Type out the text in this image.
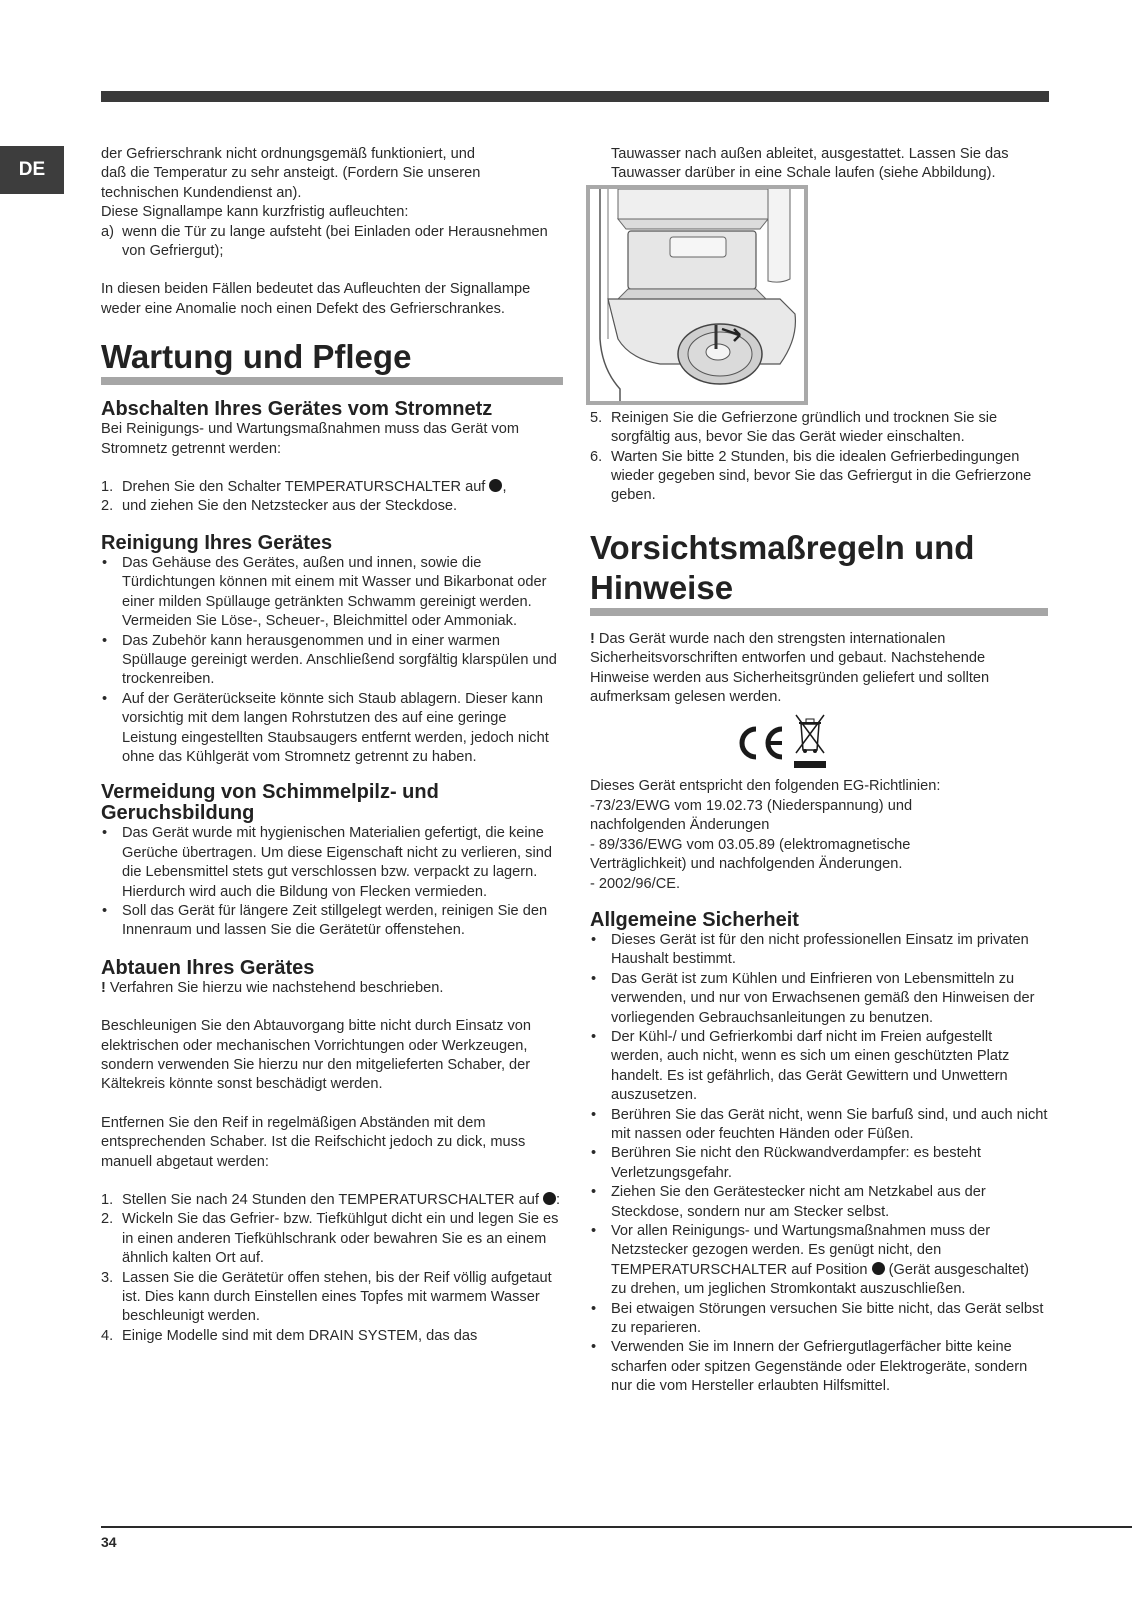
DE

der Gefrierschrank nicht ordnungsgemäß funktioniert, und

daß die Temperatur zu sehr ansteigt. (Fordern Sie unseren

technischen Kundendienst an).

Diese Signallampe kann kurzfristig aufleuchten:

a)  wenn die Tür zu lange aufsteht (bei Einladen oder Herausnehmen von Gefriergut);

In diesen beiden Fällen bedeutet das Aufleuchten der Signallampe weder eine Anomalie noch einen Defekt des Gefrierschrankes.

Wartung und Pflege
Abschalten Ihres Gerätes vom Stromnetz

Bei Reinigungs- und Wartungsmaßnahmen muss das Gerät vom Stromnetz getrennt werden:

1. Drehen Sie den Schalter TEMPERATURSCHALTER auf ,
2. und ziehen Sie den Netzstecker aus der Steckdose.
Reinigung Ihres Gerätes
• Das Gehäuse des Gerätes, außen und innen, sowie die Türdichtungen können mit einem mit Wasser und Bikarbonat oder einer milden Spüllauge getränkten Schwamm gereinigt werden. Vermeiden Sie Löse-, Scheuer-, Bleichmittel oder Ammoniak.
• Das Zubehör kann herausgenommen und in einer warmen Spüllauge gereinigt werden. Anschließend sorgfältig klarspülen und trockenreiben.
• Auf der Geräterückseite könnte sich Staub ablagern. Dieser kann vorsichtig mit dem langen Rohrstutzen des auf eine geringe Leistung eingestellten Staubsaugers entfernt werden, jedoch nicht ohne das Kühlgerät vom Stromnetz getrennt zu haben.
Vermeidung von Schimmelpilz- und Geruchsbildung
• Das Gerät wurde mit hygienischen Materialien gefertigt, die keine Gerüche übertragen. Um diese Eigenschaft nicht zu verlieren, sind die Lebensmittel stets gut verschlossen bzw. verpackt zu lagern. Hierdurch wird auch die Bildung von Flecken vermieden.
• Soll das Gerät für längere Zeit stillgelegt werden, reinigen Sie den Innenraum und lassen Sie die Gerätetür offenstehen.
Abtauen Ihres Gerätes

! Verfahren Sie hierzu wie nachstehend beschrieben.

Beschleunigen Sie den Abtauvorgang bitte nicht durch Einsatz von elektrischen oder mechanischen Vorrichtungen oder Werkzeugen, sondern verwenden Sie hierzu nur den mitgelieferten Schaber, der Kältekreis könnte sonst beschädigt werden.

Entfernen Sie den Reif in regelmäßigen Abständen mit dem entsprechenden Schaber. Ist die Reifschicht jedoch zu dick, muss manuell abgetaut werden:

1. Stellen Sie nach 24 Stunden den TEMPERATURSCHALTER auf :
2. Wickeln Sie das Gefrier- bzw. Tiefkühlgut dicht ein und legen Sie es in einen anderen Tiefkühlschrank oder bewahren Sie es an einem ähnlich kalten Ort auf.
3. Lassen Sie die Gerätetür offen stehen, bis der Reif völlig aufgetaut ist. Dies kann durch Einstellen eines Topfes mit warmem Wasser beschleunigt werden.
4. Einige Modelle sind mit dem DRAIN SYSTEM, das das

Tauwasser nach außen ableitet, ausgestattet. Lassen Sie das Tauwasser darüber in eine Schale laufen (siehe Abbildung).

5. Reinigen Sie die Gefrierzone gründlich und trocknen Sie sie sorgfältig aus, bevor Sie das Gerät wieder einschalten.
6. Warten Sie bitte 2 Stunden, bis die idealen Gefrierbedingungen wieder gegeben sind, bevor Sie das Gefriergut in die Gefrierzone geben.
Vorsichtsmaßregeln und Hinweise

! Das Gerät wurde nach den strengsten internationalen Sicherheitsvorschriften entworfen und gebaut. Nachstehende Hinweise werden aus Sicherheitsgründen geliefert und sollten aufmerksam gelesen werden.

Dieses Gerät entspricht den folgenden EG-Richtlinien:

-73/23/EWG vom 19.02.73 (Niederspannung) und

nachfolgenden Änderungen

- 89/336/EWG vom 03.05.89 (elektromagnetische

Verträglichkeit) und nachfolgenden Änderungen.

- 2002/96/CE.

Allgemeine Sicherheit
• Dieses Gerät ist für den nicht professionellen Einsatz im privaten Haushalt bestimmt.
• Das Gerät ist zum Kühlen und Einfrieren von Lebensmitteln zu verwenden, und nur von Erwachsenen gemäß den Hinweisen der vorliegenden Gebrauchsanleitungen zu benutzen.
• Der Kühl-/ und Gefrierkombi darf nicht im Freien aufgestellt werden, auch nicht, wenn es sich um einen geschützten Platz handelt. Es ist gefährlich, das Gerät Gewittern und Unwettern auszusetzen.
• Berühren Sie das Gerät nicht, wenn Sie barfuß sind, und auch nicht mit nassen oder feuchten Händen oder Füßen.
• Berühren Sie nicht den Rückwandverdampfer: es besteht Verletzungsgefahr.
• Ziehen Sie den Gerätestecker nicht am Netzkabel aus der Steckdose, sondern nur am Stecker selbst.
• Vor allen Reinigungs- und Wartungsmaßnahmen muss der Netzstecker gezogen werden. Es genügt nicht, den TEMPERATURSCHALTER auf Position  (Gerät ausgeschaltet) zu drehen, um jeglichen Stromkontakt auszuschließen.
• Bei etwaigen Störungen versuchen Sie bitte nicht, das Gerät selbst zu reparieren.
• Verwenden Sie im Innern der Gefriergutlagerfächer bitte keine scharfen oder spitzen Gegenstände oder Elektrogeräte, sondern nur die vom Hersteller erlaubten Hilfsmittel.
34
